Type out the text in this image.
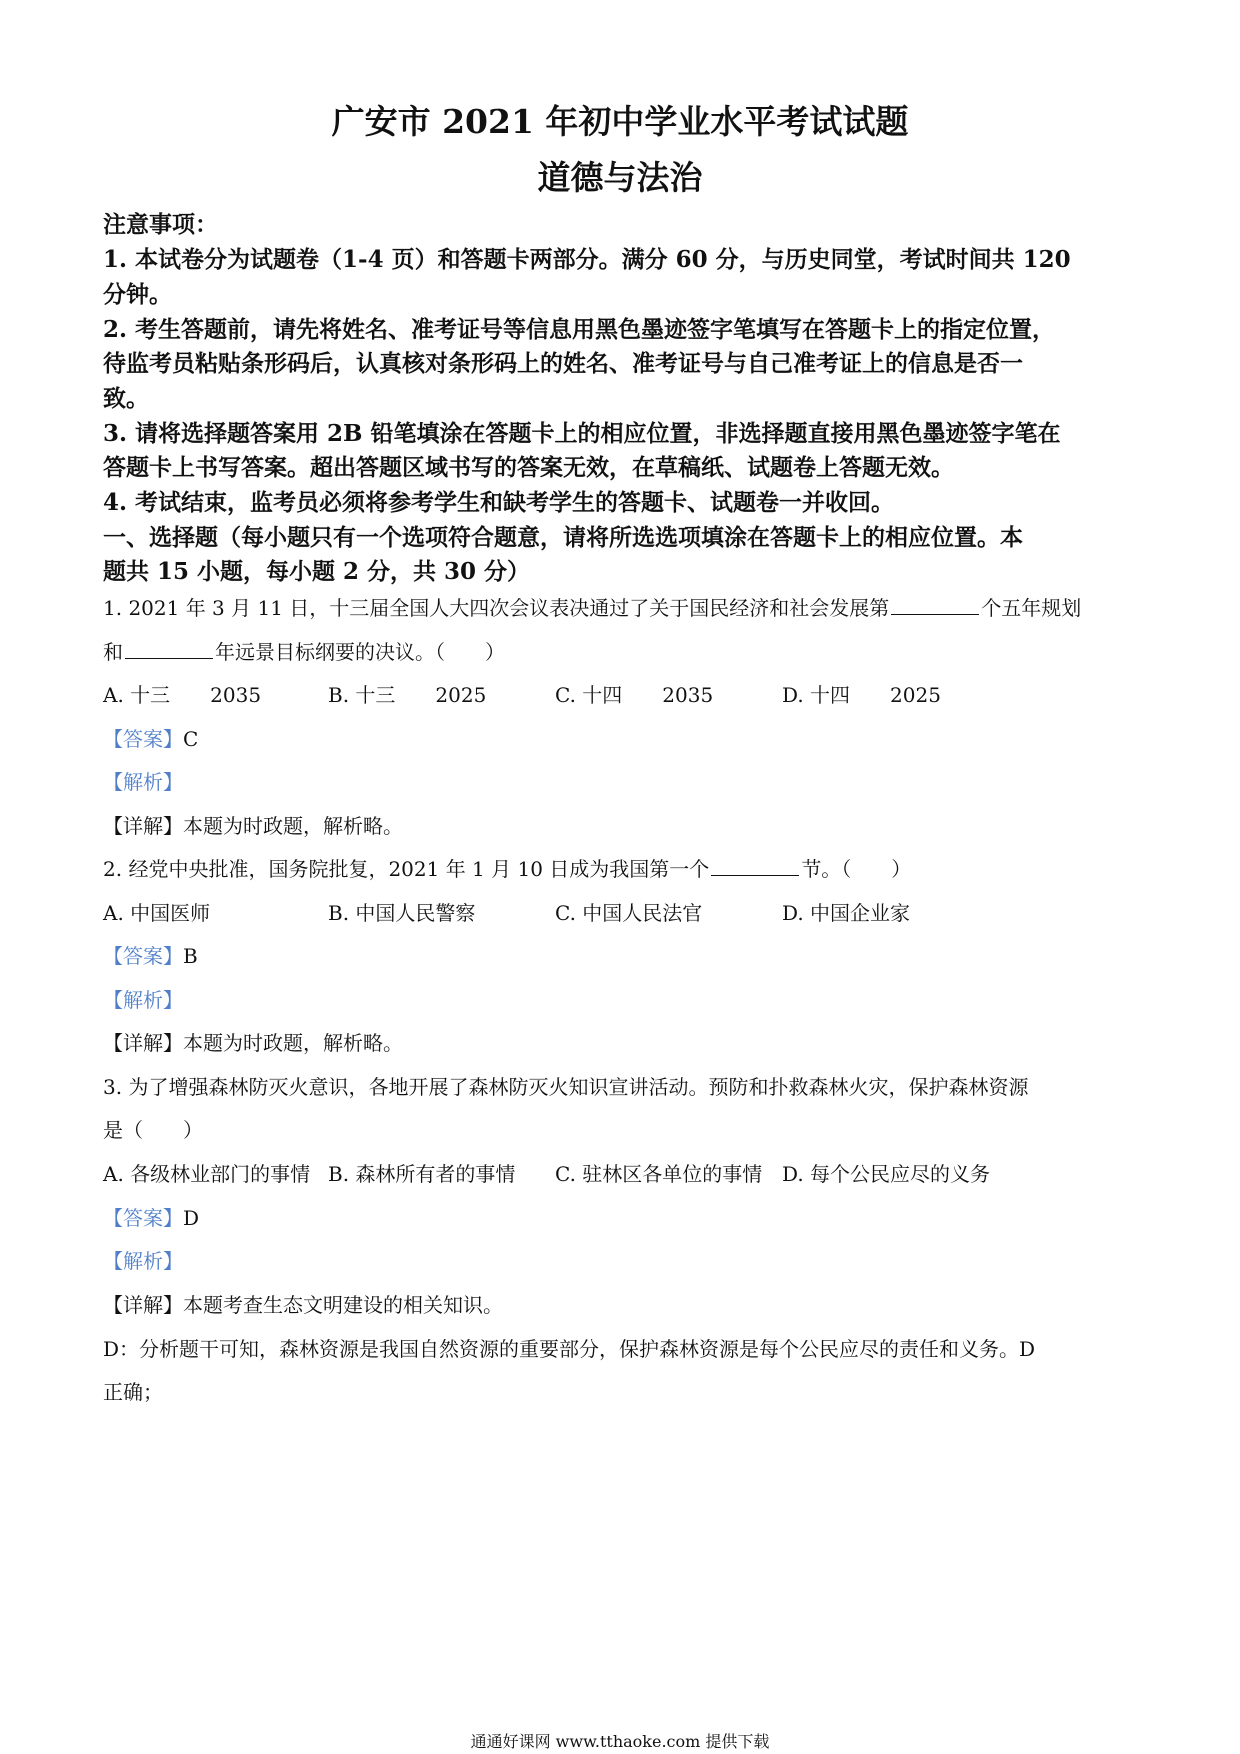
广安市 2021 年初中学业水平考试试题
道德与法治
注意事项：
1. 本试卷分为试题卷（1-4 页）和答题卡两部分。满分 60 分，与历史同堂，考试时间共 120
分钟。
2. 考生答题前，请先将姓名、准考证号等信息用黑色墨迹签字笔填写在答题卡上的指定位置，
待监考员粘贴条形码后，认真核对条形码上的姓名、准考证号与自己准考证上的信息是否一
致。
3. 请将选择题答案用 2B 铅笔填涂在答题卡上的相应位置，非选择题直接用黑色墨迹签字笔在
答题卡上书写答案。超出答题区域书写的答案无效，在草稿纸、试题卷上答题无效。
4. 考试结束，监考员必须将参考学生和缺考学生的答题卡、试题卷一并收回。
一、选择题（每小题只有一个选项符合题意，请将所选选项填涂在答题卡上的相应位置。本
题共 15 小题，每小题 2 分，共 30 分）
1. 2021 年 3 月 11 日，十三届全国人大四次会议表决通过了关于国民经济和社会发展第	个五年规划
和	年远景目标纲要的决议。（　　）
A. 十三　　2035	B. 十三　　2025	C. 十四　　2035	D. 十四　　2025
【答案】C
【解析】
【详解】本题为时政题，解析略。
2. 经党中央批准，国务院批复，2021 年 1 月 10 日成为我国第一个	节。（　　）
A. 中国医师	B. 中国人民警察	C. 中国人民法官	D. 中国企业家
【答案】B
【解析】
【详解】本题为时政题，解析略。
3. 为了增强森林防灭火意识，各地开展了森林防灭火知识宣讲活动。预防和扑救森林火灾，保护森林资源
是（　　）
A. 各级林业部门的事情 B. 森林所有者的事情 C. 驻林区各单位的事情 D. 每个公民应尽的义务
【答案】D
【解析】
【详解】本题考查生态文明建设的相关知识。
D：分析题干可知，森林资源是我国自然资源的重要部分，保护森林资源是每个公民应尽的责任和义务。D
正确；
通通好课网 www.tthaoke.com 提供下载
